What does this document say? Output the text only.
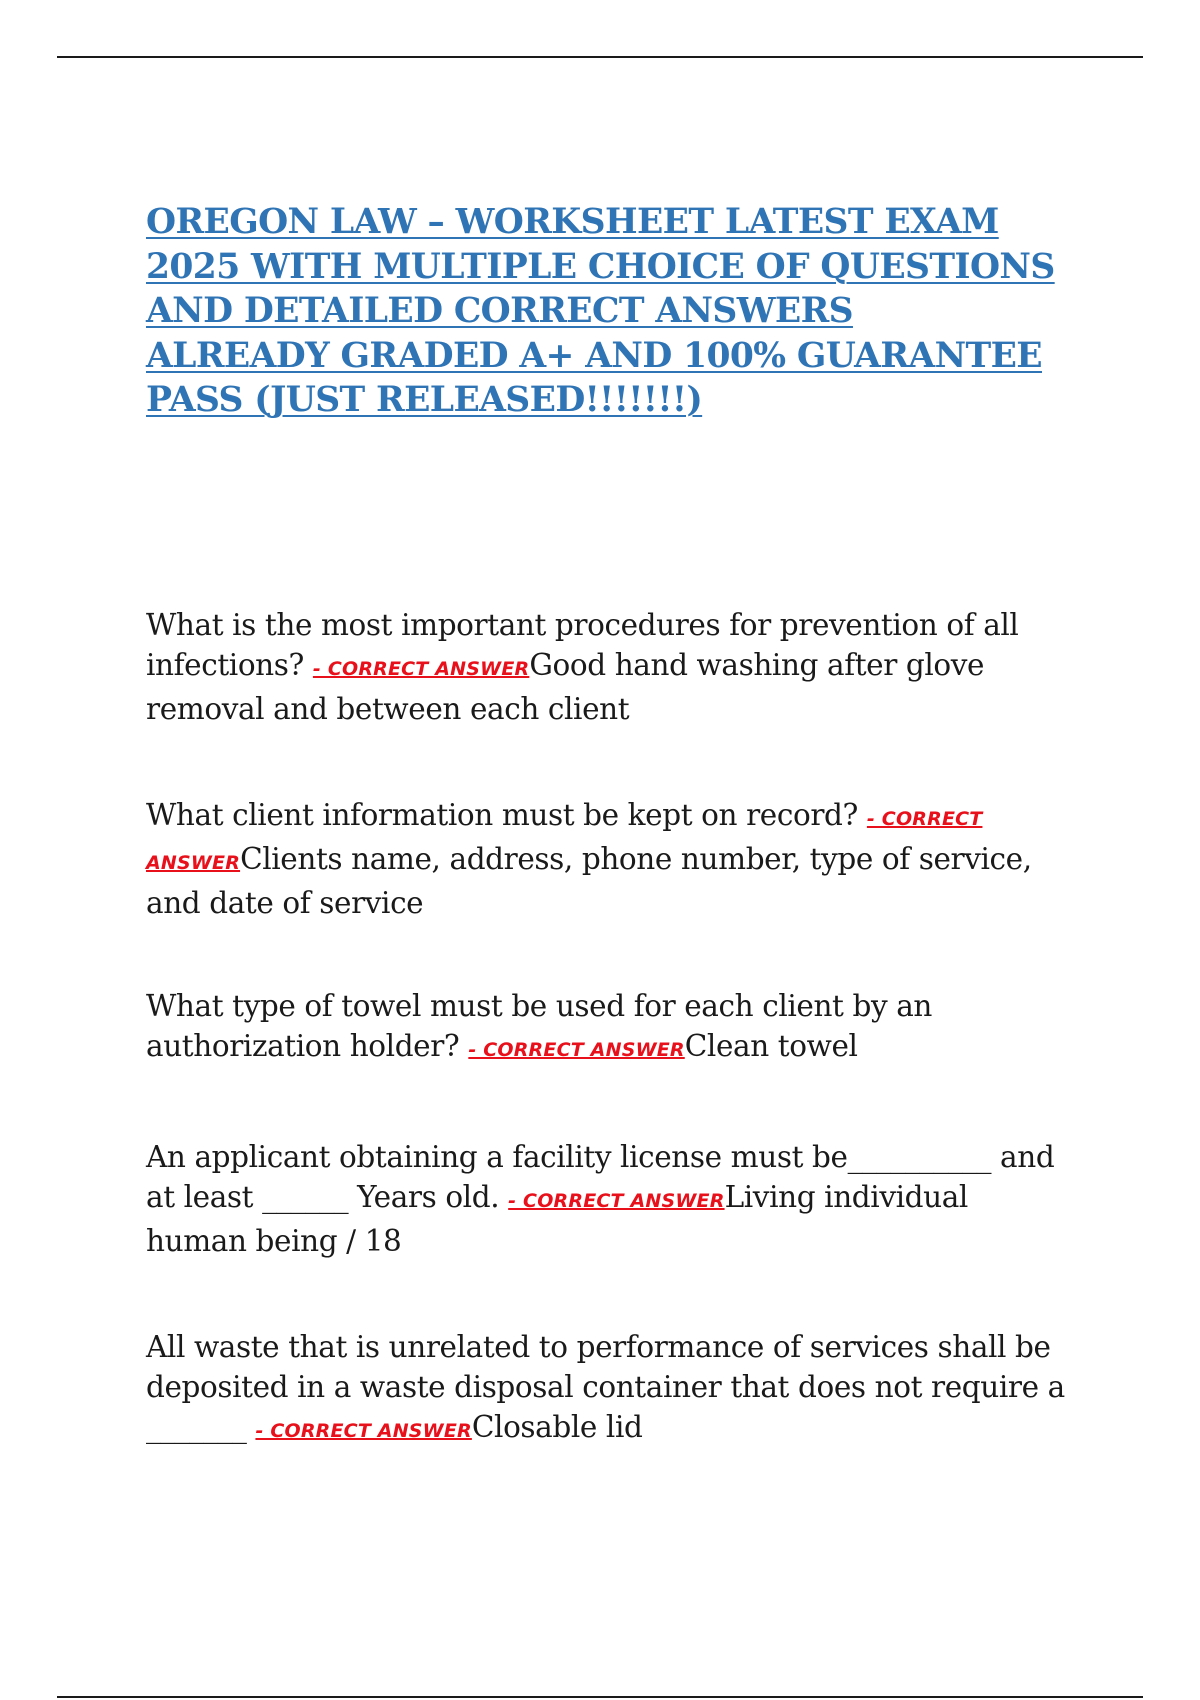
OREGON LAW – WORKSHEET LATEST EXAM
2025 WITH MULTIPLE CHOICE OF QUESTIONS
AND DETAILED CORRECT ANSWERS
ALREADY GRADED A+ AND 100% GUARANTEE
PASS (JUST RELEASED!!!!!!!)
What is the most important procedures for prevention of all
infections? - CORRECT ANSWERGood hand washing after glove
removal and between each client
What client information must be kept on record? - CORRECT
ANSWERClients name, address, phone number, type of service,
and date of service
What type of towel must be used for each client by an
authorization holder? - CORRECT ANSWERClean towel
An applicant obtaining a facility license must be__________ and
at least ______ Years old. - CORRECT ANSWERLiving individual
human being / 18
All waste that is unrelated to performance of services shall be
deposited in a waste disposal container that does not require a
_______ - CORRECT ANSWERClosable lid
